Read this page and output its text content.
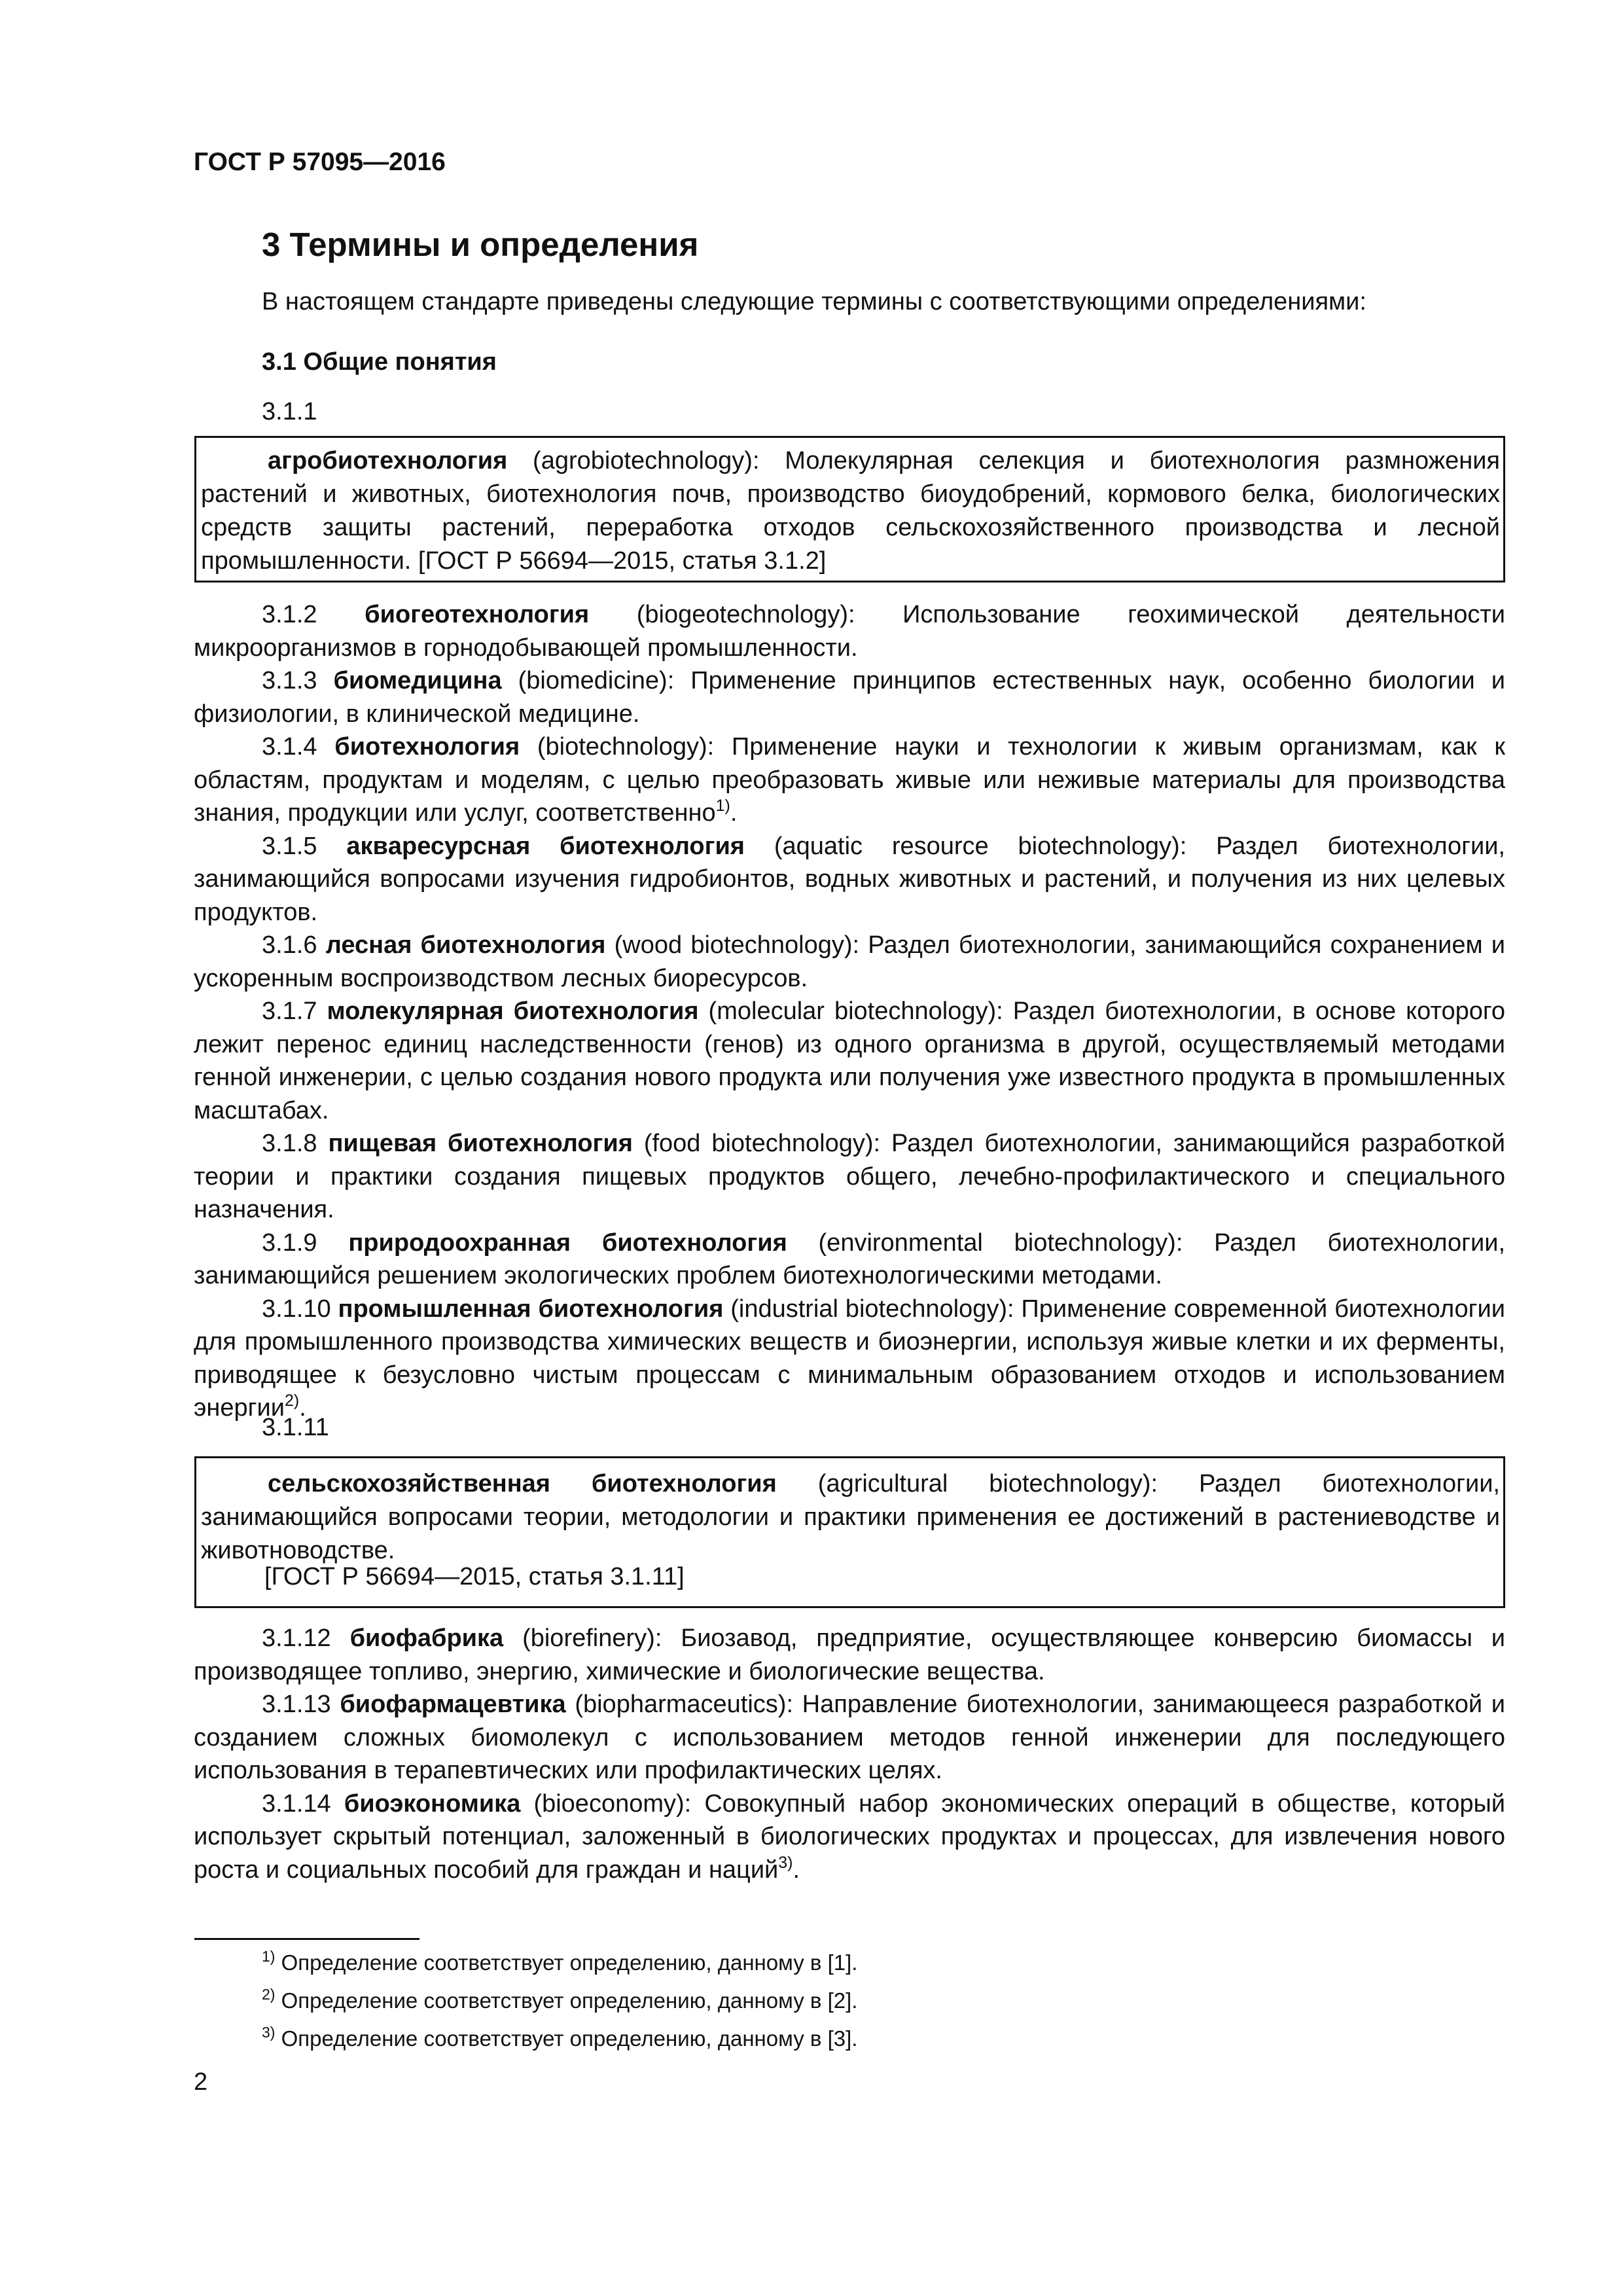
ГОСТ Р 57095—2016
3 Термины и определения
В настоящем стандарте приведены следующие термины с соответствующими определениями:
3.1 Общие понятия
3.1.1

агробиотехнология (agrobiotechnology): Молекулярная селекция и биотехнология размножения растений и животных, биотехнология почв, производство биоудобрений, кормового белка, биологических средств защиты растений, переработка отходов сельскохозяйственного производства и лесной промышленности. [ГОСТ Р 56694—2015, статья 3.1.2]

3.1.2 биогеотехнология (biogeotechnology): Использование геохимической деятельности микроорганизмов в горнодобывающей промышленности.

3.1.3 биомедицина (biomedicine): Применение принципов естественных наук, особенно биологии и физиологии, в клинической медицине.

3.1.4 биотехнология (biotechnology): Применение науки и технологии к живым организмам, как к областям, продуктам и моделям, с целью преобразовать живые или неживые материалы для производства знания, продукции или услуг, соответственно$^{1)}$.

3.1.5 аквaресурсная биотехнология (aquatic resource biotechnology): Раздел биотехнологии, занимающийся вопросами изучения гидробионтов, водных животных и растений, и получения из них целевых продуктов.

3.1.6 лесная биотехнология (wood biotechnology): Раздел биотехнологии, занимающийся сохранением и ускоренным воспроизводством лесных биоресурсов.

3.1.7 молекулярная биотехнология (molecular biotechnology): Раздел биотехнологии, в основе которого лежит перенос единиц наследственности (генов) из одного организма в другой, осуществляемый методами генной инженерии, с целью создания нового продукта или получения уже известного продукта в промышленных масштабах.

3.1.8 пищевая биотехнология (food biotechnology): Раздел биотехнологии, занимающийся разработкой теории и практики создания пищевых продуктов общего, лечебно-профилактического и специального назначения.

3.1.9 природоохранная биотехнология (environmental biotechnology): Раздел биотехнологии, занимающийся решением экологических проблем биотехнологическими методами.

3.1.10 промышленная биотехнология (industrial biotechnology): Применение современной биотехнологии для промышленного производства химических веществ и биоэнергии, используя живые клетки и их ферменты, приводящее к безусловно чистым процессам с минимальным образованием отходов и использованием энергии$^{2)}$.

3.1.11

сельскохозяйственная биотехнология (agricultural biotechnology): Раздел биотехнологии, занимающийся вопросами теории, методологии и практики применения ее достижений в растениеводстве и животноводстве.

[ГОСТ Р 56694—2015, статья 3.1.11]

3.1.12 биофабрика (biorefinery): Биозавод, предприятие, осуществляющее конверсию биомассы и производящее топливо, энергию, химические и биологические вещества.

3.1.13 биофармацевтика (biopharmaceutics): Направление биотехнологии, занимающееся разработкой и созданием сложных биомолекул с использованием методов генной инженерии для последующего использования в терапевтических или профилактических целях.

3.1.14 биоэкономика (bioeconomy): Совокупный набор экономических операций в обществе, который использует скрытый потенциал, заложенный в биологических продуктах и процессах, для извлечения нового роста и социальных пособий для граждан и наций$^{3)}$.

$^{1)}$ Определение соответствует определению, данному в [1].
$^{2)}$ Определение соответствует определению, данному в [2].
$^{3)}$ Определение соответствует определению, данному в [3].
2
